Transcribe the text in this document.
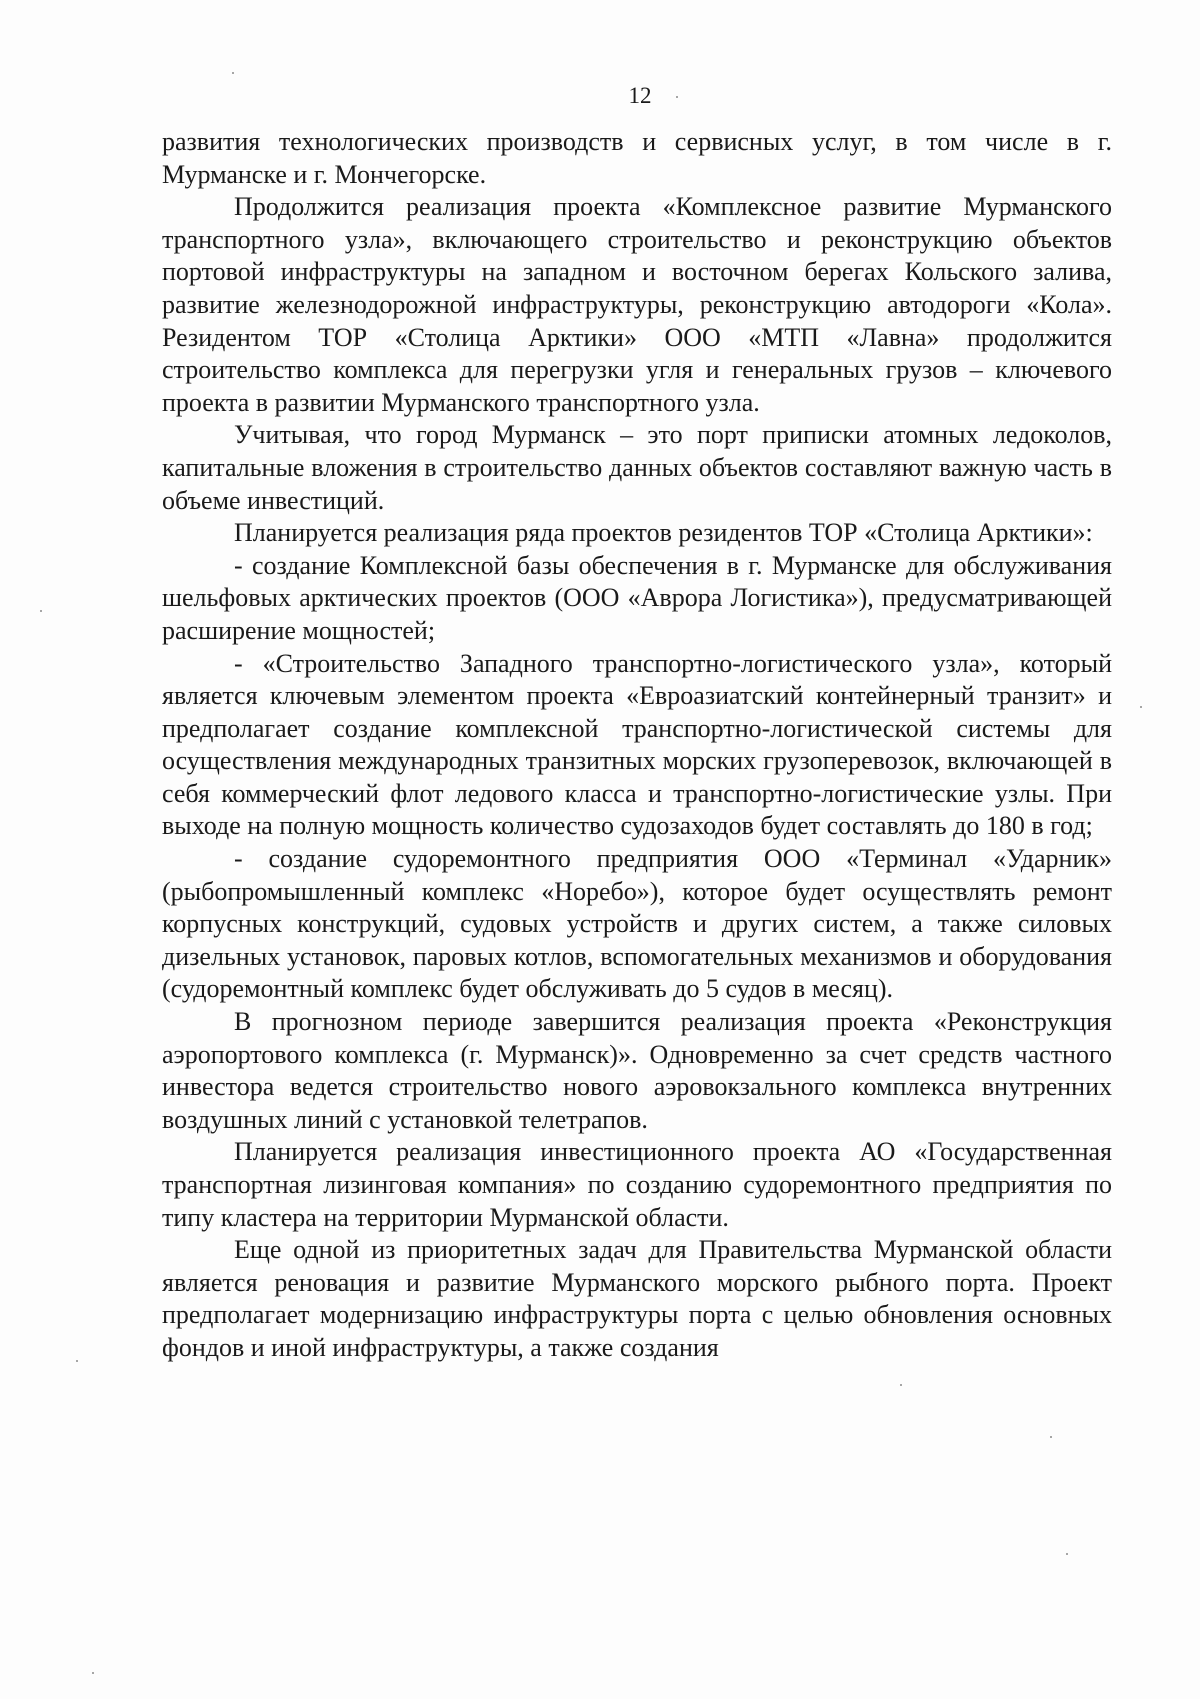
12

развития технологических производств и сервисных услуг, в том числе в г. Мурманске и г. Мончегорске.

Продолжится реализация проекта «Комплексное развитие Мурманского транспортного узла», включающего строительство и реконструкцию объектов портовой инфраструктуры на западном и восточном берегах Кольского залива, развитие железнодорожной инфраструктуры, реконструкцию автодороги «Кола». Резидентом ТОР «Столица Арктики» ООО «МТП «Лавна» продолжится строительство комплекса для перегрузки угля и генеральных грузов – ключевого проекта в развитии Мурманского транспортного узла.

Учитывая, что город Мурманск – это порт приписки атомных ледоколов, капитальные вложения в строительство данных объектов составляют важную часть в объеме инвестиций.

Планируется реализация ряда проектов резидентов ТОР «Столица Арктики»:

- создание Комплексной базы обеспечения в г. Мурманске для обслуживания шельфовых арктических проектов (ООО «Аврора Логистика»), предусматривающей расширение мощностей;

- «Строительство Западного транспортно-логистического узла», который является ключевым элементом проекта «Евроазиатский контейнерный транзит» и предполагает создание комплексной транспортно-логистической системы для осуществления международных транзитных морских грузоперевозок, включающей в себя коммерческий флот ледового класса и транспортно-логистические узлы. При выходе на полную мощность количество судозаходов будет составлять до 180 в год;

- создание судоремонтного предприятия ООО «Терминал «Ударник» (рыбопромышленный комплекс «Норебо»), которое будет осуществлять ремонт корпусных конструкций, судовых устройств и других систем, а также силовых дизельных установок, паровых котлов, вспомогательных механизмов и оборудования (судоремонтный комплекс будет обслуживать до 5 судов в месяц).

В прогнозном периоде завершится реализация проекта «Реконструкция аэропортового комплекса (г. Мурманск)». Одновременно за счет средств частного инвестора ведется строительство нового аэровокзального комплекса внутренних воздушных линий с установкой телетрапов.

Планируется реализация инвестиционного проекта АО «Государственная транспортная лизинговая компания» по созданию судоремонтного предприятия по типу кластера на территории Мурманской области.

Еще одной из приоритетных задач для Правительства Мурманской области является реновация и развитие Мурманского морского рыбного порта. Проект предполагает модернизацию инфраструктуры порта с целью обновления основных фондов и иной инфраструктуры, а также создания
